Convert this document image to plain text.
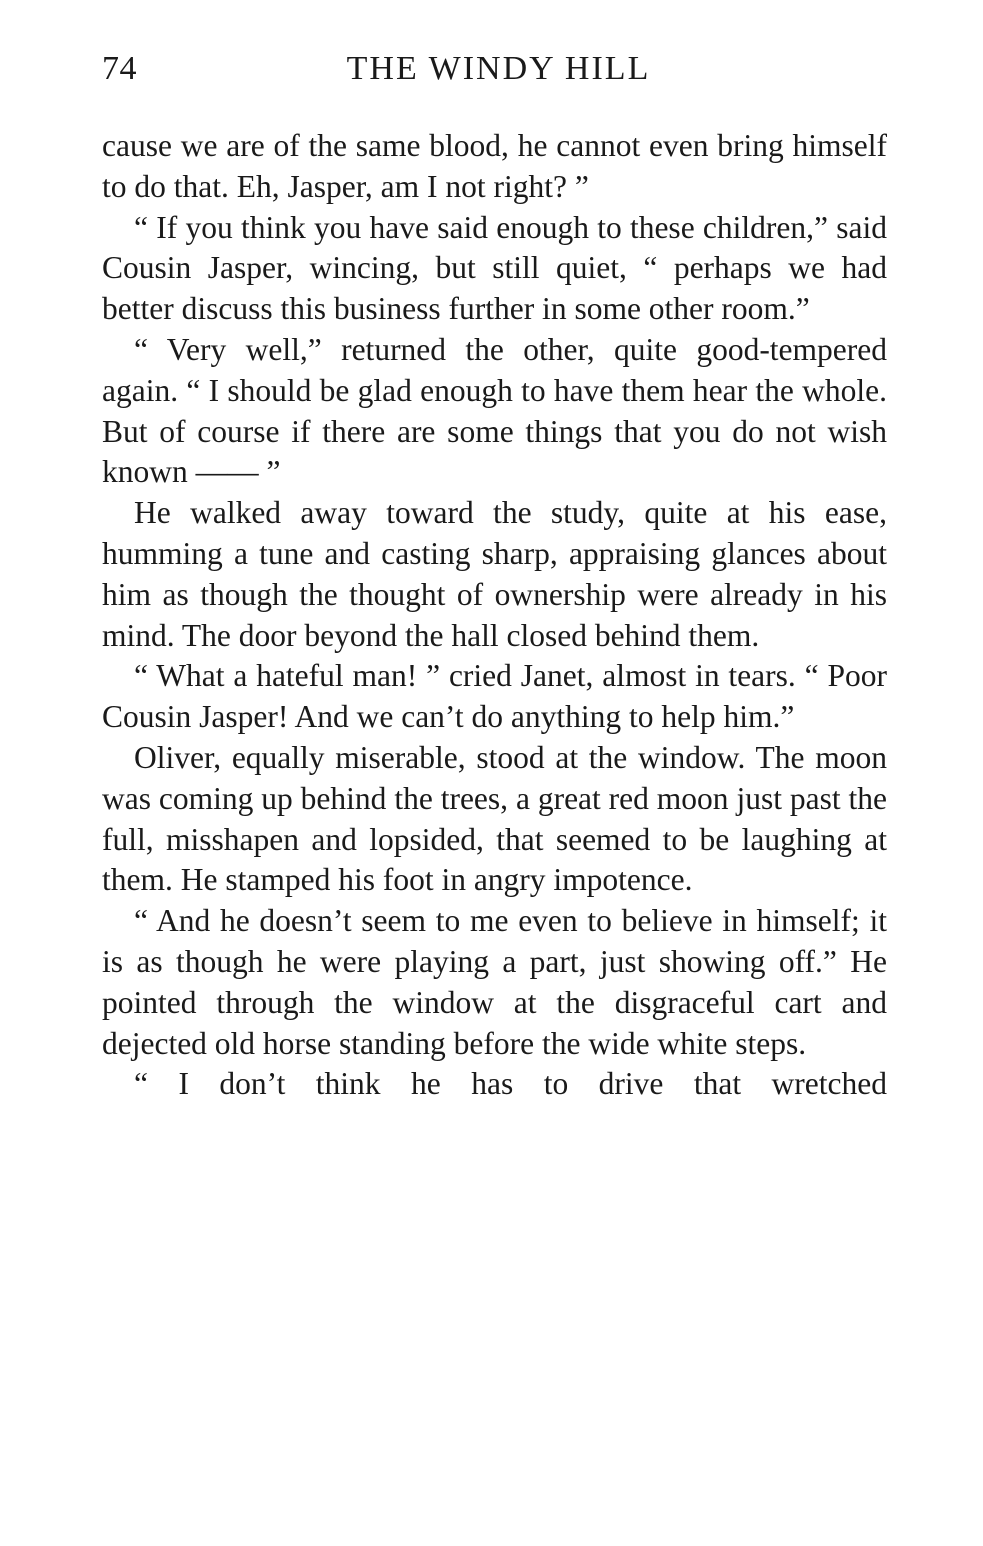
74	THE WINDY HILL

cause we are of the same blood, he cannot even bring himself to do that. Eh, Jasper, am I not right? ”

“ If you think you have said enough to these children,” said Cousin Jasper, wincing, but still quiet, “ perhaps we had better discuss this business further in some other room.”

“ Very well,” returned the other, quite good-tempered again. “ I should be glad enough to have them hear the whole. But of course if there are some things that you do not wish known —— ”

He walked away toward the study, quite at his ease, humming a tune and casting sharp, appraising glances about him as though the thought of ownership were already in his mind. The door beyond the hall closed behind them.

“ What a hateful man! ” cried Janet, almost in tears. “ Poor Cousin Jasper! And we can’t do anything to help him.”

Oliver, equally miserable, stood at the window. The moon was coming up behind the trees, a great red moon just past the full, misshapen and lopsided, that seemed to be laughing at them. He stamped his foot in angry impotence.

“ And he doesn’t seem to me even to believe in himself; it is as though he were playing a part, just showing off.” He pointed through the window at the disgraceful cart and dejected old horse standing before the wide white steps.

“ I don’t think he has to drive that wretched
